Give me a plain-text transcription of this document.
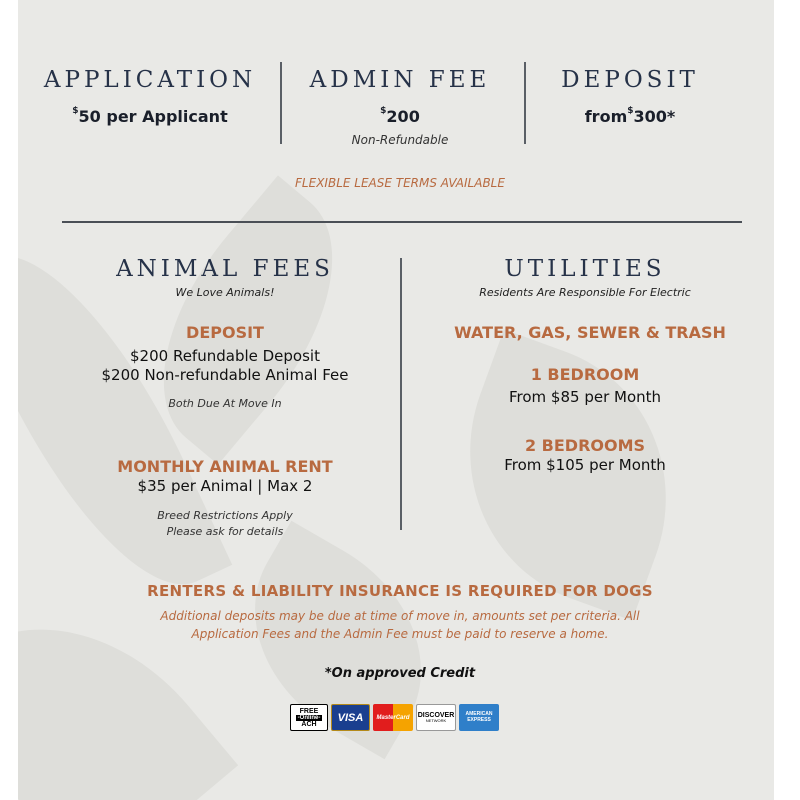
APPLICATION
$50 per Applicant
ADMIN FEE
$200
Non-Refundable
DEPOSIT
from$300*
FLEXIBLE LEASE TERMS AVAILABLE
ANIMAL FEES
We Love Animals!
DEPOSIT
$200 Refundable Deposit
$200 Non-refundable Animal Fee
Both Due At Move In
MONTHLY ANIMAL RENT
$35 per Animal | Max 2
Breed Restrictions Apply
Please ask for details
UTILITIES
Residents Are Responsible For Electric
WATER, GAS, SEWER & TRASH
1 BEDROOM
From $85 per Month
2 BEDROOMS
From $105 per Month
RENTERS & LIABILITY INSURANCE IS REQUIRED FOR DOGS
Additional deposits may be due at time of move in, amounts set per criteria. All
Application Fees and the Admin Fee must be paid to reserve a home.
*On approved Credit
FREE
-Online-
ACH
VISA MasterCard DISCOVER
NETWORK
AMERICAN
EXPRESS
